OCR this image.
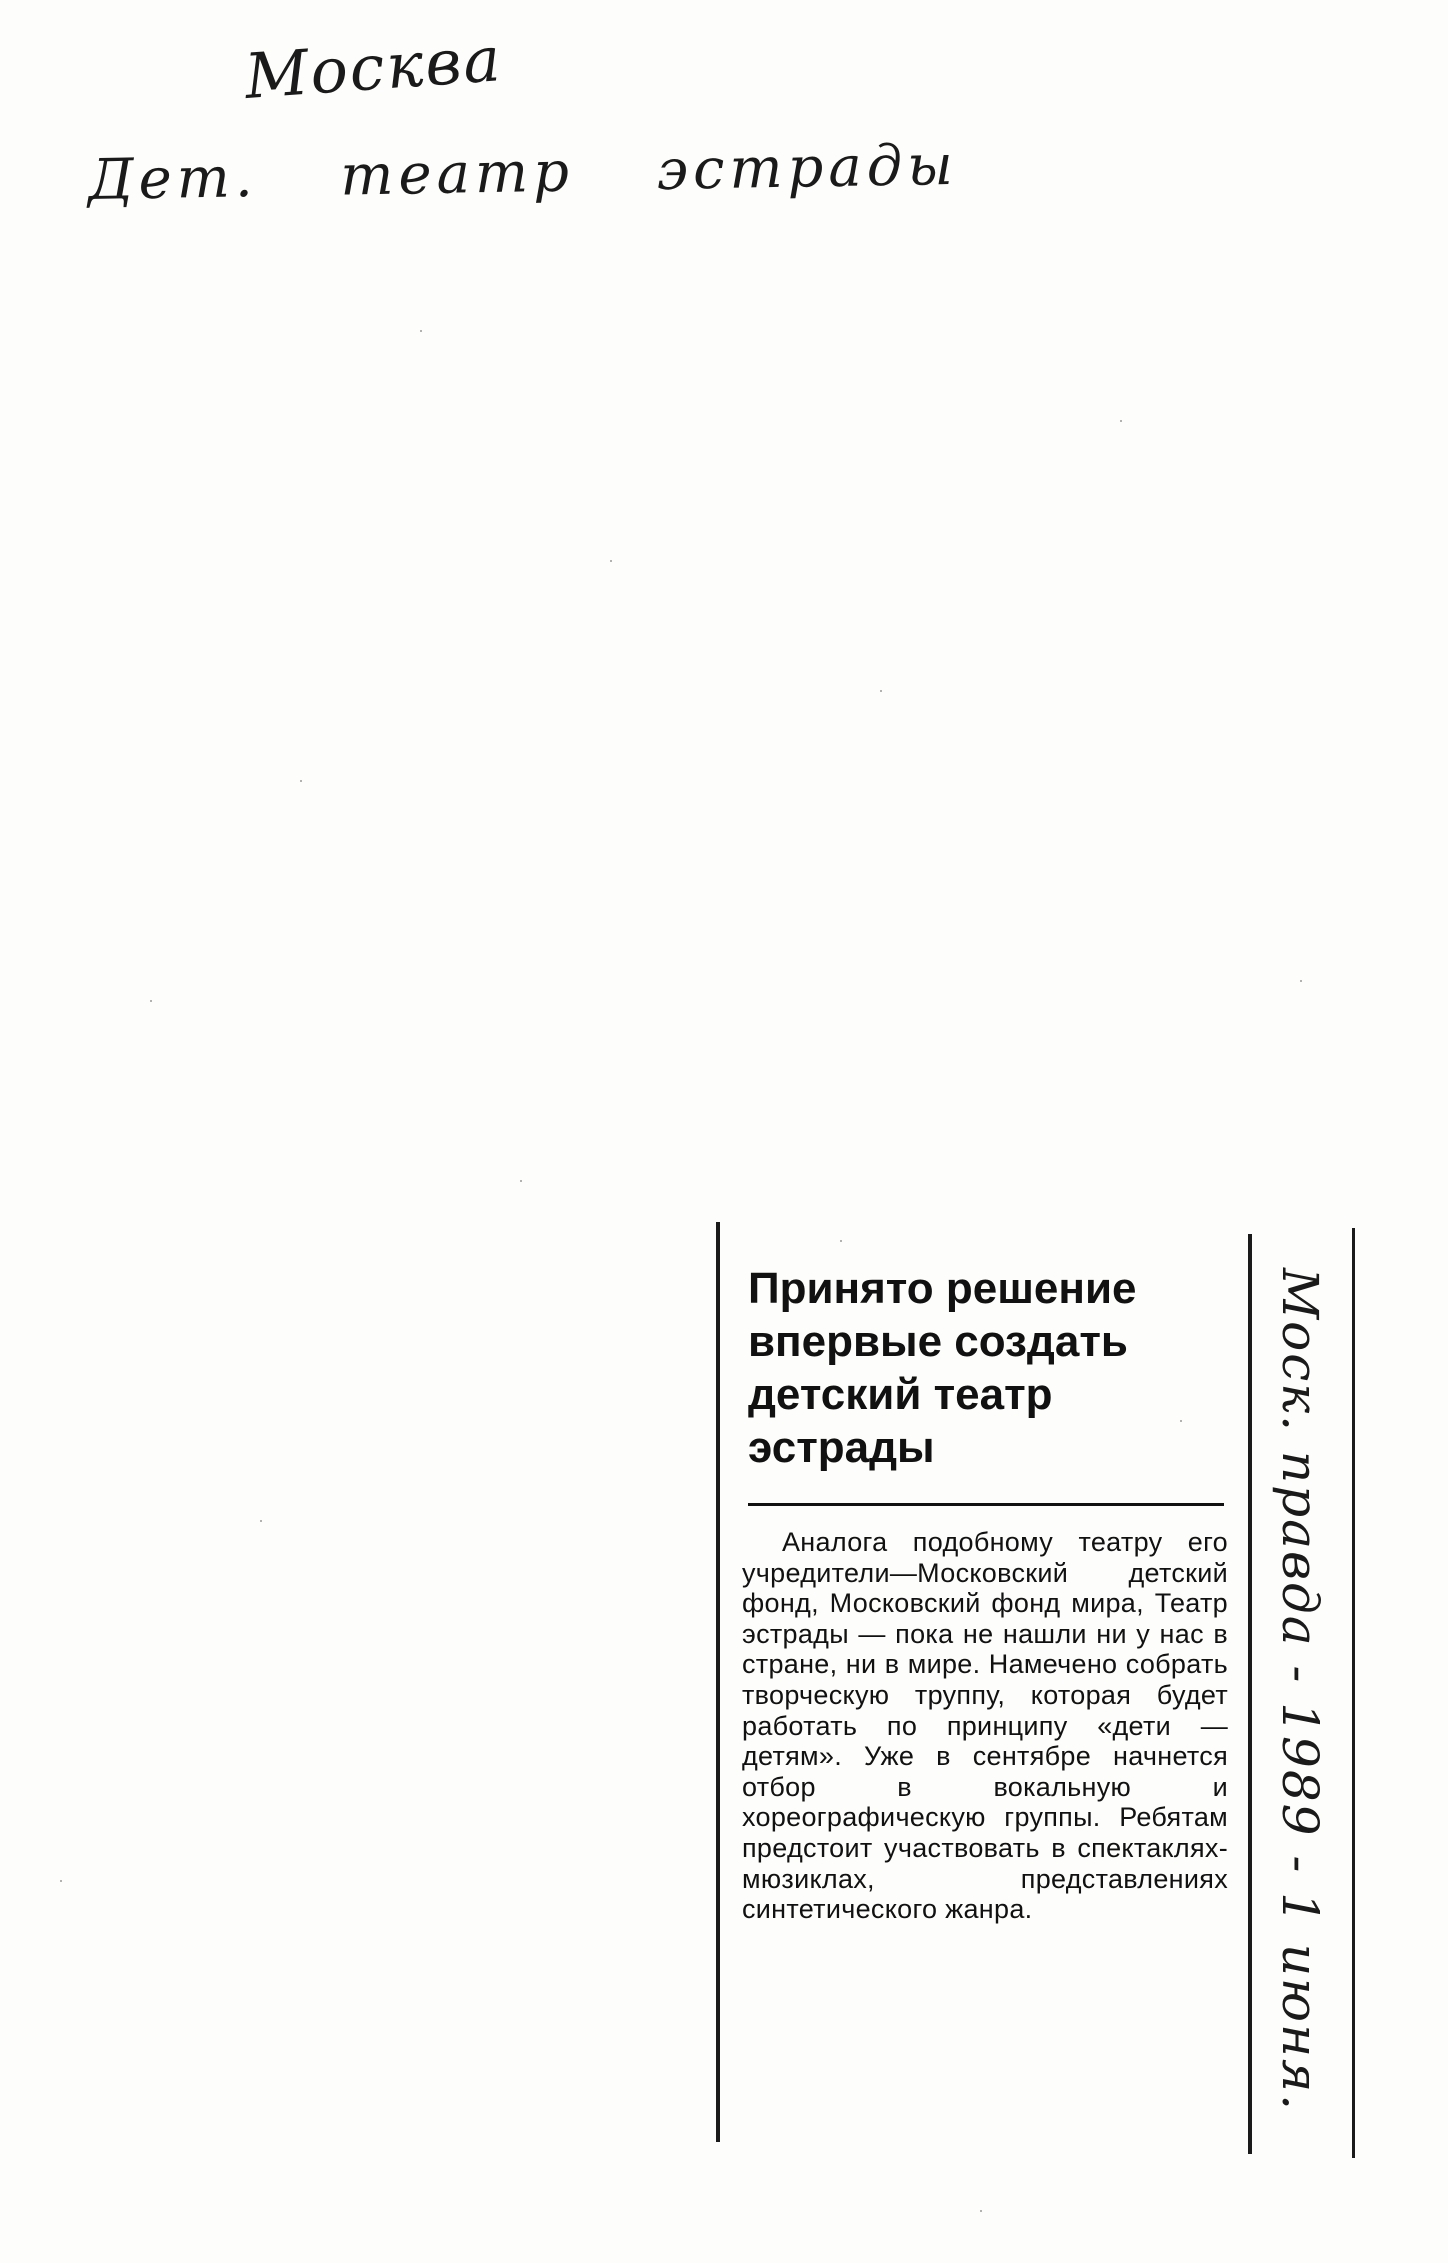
Москва
Дет. театр эстрады
Принято решение впервые создать детский театр эстрады

Аналога подобному театру его учредители—Московский детский фонд, Московский фонд мира, Театр эстрады — пока не нашли ни у нас в стране, ни в мире. Намечено собрать творческую труппу, которая будет работать по принципу «дети — детям». Уже в сентябре начнется отбор в вокальную и хореографическую группы. Ребятам предстоит участвовать в спектаклях-мюзиклах, представлениях синтетического жанра.	Моск. правда - 1989 - 1 июня.
